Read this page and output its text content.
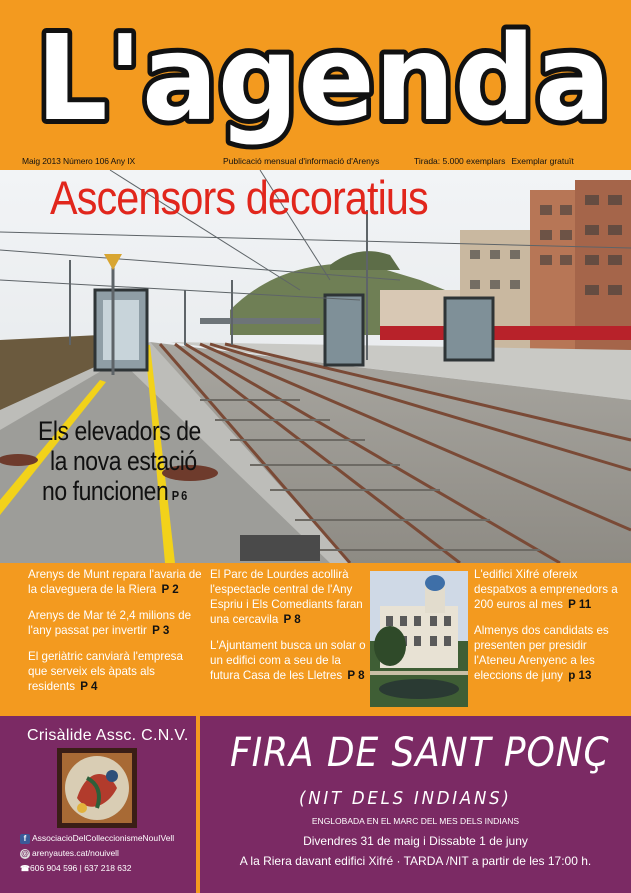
L'agenda
Maig 2013 Número 106 Any IX	Publicació mensual d'informació d'Arenys	Tirada: 5.000 exemplars Exemplar gratuït
Ascensors decoratius
Els elevadors de
la nova estació
no funcionen P 6
Arenys de Munt repara l'avaria de la claveguera de la Riera P 2
Arenys de Mar té 2,4 milions de l'any passat per invertir P 3
El geriàtric canviarà l'empresa que serveix els àpats als residents P 4
El Parc de Lourdes acollirà l'espectacle central de l'Any Espriu i Els Comediants faran una cercavila P 8
L'Ajuntament busca un solar o un edifici com a seu de la futura Casa de les Lletres P 8
L'edifici Xifré ofereix despatxos a emprenedors a 200 euros al mes P 11
Almenys dos candidats es presenten per presidir l'Ateneu Arenyenc a les eleccions de juny p 13
Crisàlide Assc. C.N.V.
f AssociacioDelColleccionismeNouIVell
@ arenyautes.cat/nouivell
☎606 904 596 | 637 218 632
FIRA DE SANT PONÇ
(NIT DELS INDIANS)
ENGLOBADA EN EL MARC DEL MES DELS INDIANS
Divendres 31 de maig i Dissabte 1 de juny
A la Riera davant edifici Xifré · TARDA /NIT a partir de les 17:00 h.
